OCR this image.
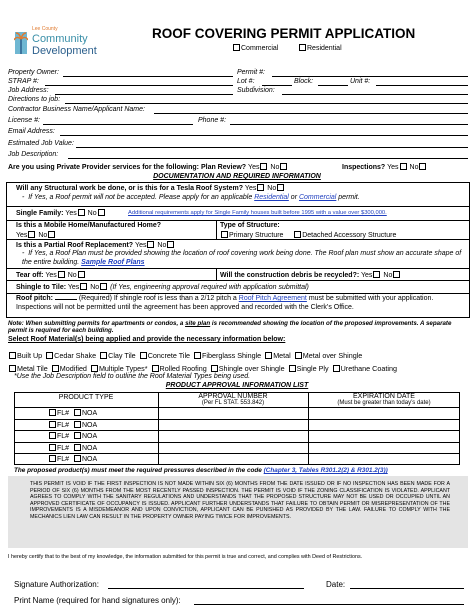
Lee County
Community
Development
ROOF COVERING PERMIT APPLICATION
Commercial	Residential
Property Owner:	Permit #:
STRAP #:	Lot #:	Block:	Unit #:
Job Address:	Subdivision:
Directions to job:
Contractor Business Name/Applicant Name:
License #:	Phone #:
Email Address:
Estimated Job Value:
Job Description:
Are you using Private Provider services for the following: Plan Review? Yes No	Inspections? Yes No
DOCUMENTATION AND REQUIRED INFORMATION
Will any Structural work be done, or is this for a Tesla Roof System? Yes No
-  If Yes, a Roof permit will not be accepted. Please apply for an applicable Residential or Commercial permit.
Single Family: Yes No	Additional requirements apply for Single Family houses built before 1995 with a value over $300,000.
Is this a Mobile Home/Manufactured Home?
Yes No
Type of Structure:
Primary Structure	Detached Accessory Structure
Is this a Partial Roof Replacement? Yes No
-  If Yes, a Roof Plan must be provided showing the location of roof covering work being done. The Roof plan must show an accurate shape of the entire building. Sample Roof Plans
Tear off: Yes No	Will the construction debris be recycled?: Yes No
Shingle to Tile: Yes No (If Yes, engineering approval required with application submittal)
Roof pitch:	(Required) If shingle roof is less than a 2/12 pitch a Roof Pitch Agreement must be submitted with your application. Inspections will not be permitted until the agreement has been approved and recorded with the Clerk’s Office.
Note: When submitting permits for apartments or condos, a site plan is recommended showing the location of the proposed improvements. A separate permit is required for each building.
Select Roof Material(s) being applied and provide the necessary information below:
Built Up Cedar Shake Clay Tile Concrete Tile Fiberglass Shingle Metal Metal over Shingle
Metal Tile Modified Multiple Types* Rolled Roofing Shingle over Shingle Single Ply Urethane Coating
*Use the Job Description field to outline the Roof Material Types being used.
PRODUCT APPROVAL INFORMATION LIST
PRODUCT TYPE	APPROVAL NUMBER
(Per FL STAT. 553.842)
EXPIRATION DATE
(Must be greater than today’s date)
FL# NOA
FL# NOA
FL# NOA
FL# NOA
FL# NOA
The proposed product(s) must meet the required pressures described in the code (Chapter 3, Tables R301.2(2) & R301.2(3))
THIS PERMIT IS VOID IF THE FIRST INSPECTION IS NOT MADE WITHIN SIX (6) MONTHS FROM THE DATE ISSUED OR IF NO INSPECTION HAS BEEN MADE FOR A PERIOD OF SIX (6) MONTHS FROM THE MOST RECENTLY PASSED INSPECTION. THE PERMIT IS VOID IF THE ZONING CLASSIFICATION IS VIOLATED. APPLICANT AGREES TO COMPLY WITH THE SANITARY REGULATIONS AND UNDERSTANDS THAT THE PROPOSED STRUCTURE MAY NOT BE USED OR OCCUPIED UNTIL AN APPROVED CERTIFICATE OF OCCUPANCY IS ISSUED. APPLICANT FURTHER UNDERSTANDS THAT FAILURE TO OBTAIN PERMIT OR MISREPRESENTATION OF THE IMPROVEMENTS IS A MISDEMEANOR AND UPON CONVICTION, APPLICANT CAN BE PUNISHED AS PROVIDED BY THE LAW. FAILURE TO COMPLY WITH THE MECHANICS LIEN LAW CAN RESULT IN THE PROPERTY OWNER PAYING TWICE FOR IMPROVEMENTS.
I hereby certify that to the best of my knowledge, the information submitted for this permit is true and correct, and complies with Deed of Restrictions.
Signature Authorization:	Date:
Print Name (required for hand signatures only):
